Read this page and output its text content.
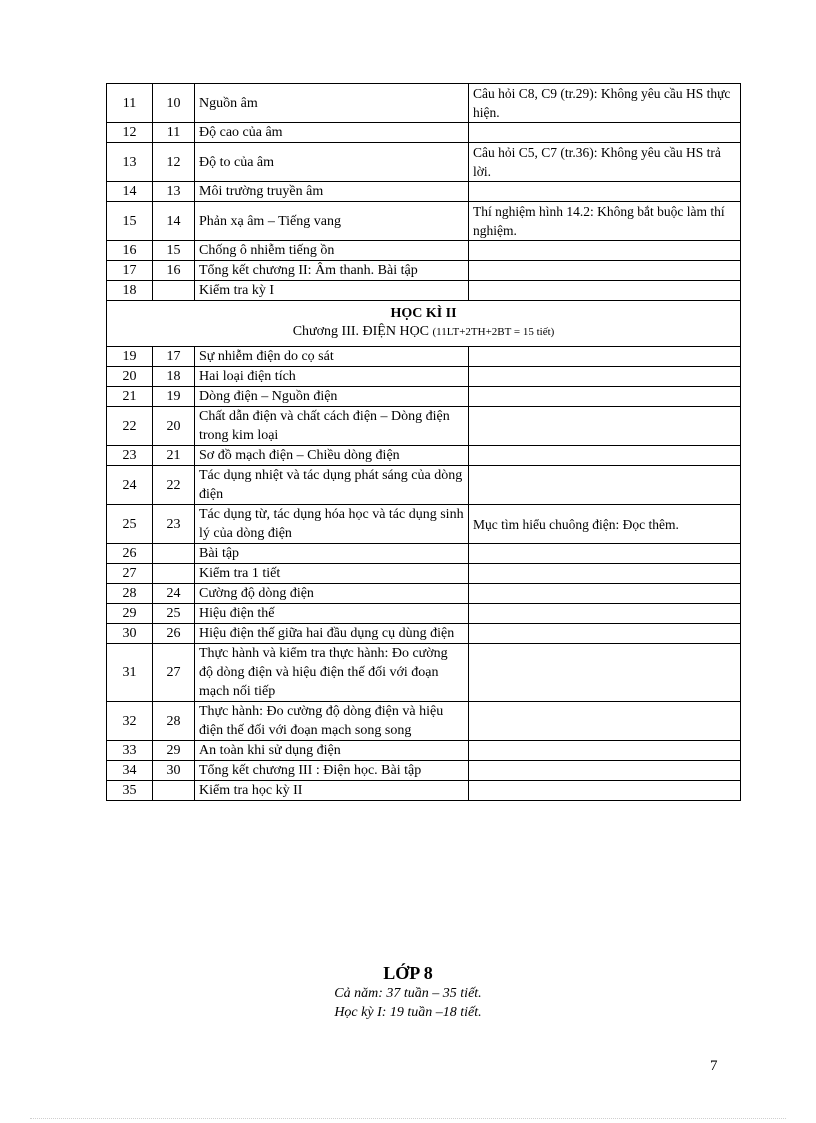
11	10	Nguồn âm	Câu hỏi C8, C9 (tr.29): Không yêu cầu HS thực hiện.
12	11	Độ cao của âm	
13	12	Độ to của âm	Câu hỏi C5, C7 (tr.36): Không yêu cầu HS trả lời.
14	13	Môi trường truyền âm	
15	14	Phản xạ âm – Tiếng vang	Thí nghiệm hình 14.2: Không bắt buộc làm thí nghiệm.
16	15	Chống ô nhiễm tiếng ồn	
17	16	Tổng kết chương II: Âm thanh. Bài tập	
18		Kiểm tra kỳ I	

HỌC KÌ II
Chương III. ĐIỆN HỌC (11LT+2TH+2BT = 15 tiết)			

19	17	Sự nhiễm điện do cọ sát	
20	18	Hai loại điện tích	
21	19	Dòng điện – Nguồn điện	
22	20	Chất dẫn điện và chất cách điện – Dòng điện trong kim loại	
23	21	Sơ đồ mạch điện – Chiều dòng điện	
24	22	Tác dụng nhiệt và tác dụng phát sáng của dòng điện	
25	23	Tác dụng từ, tác dụng hóa học và tác dụng sinh lý của dòng điện	Mục tìm hiểu chuông điện: Đọc thêm.
26		Bài tập	
27		Kiểm tra 1 tiết	
28	24	Cường độ dòng điện	
29	25	Hiệu điện thế	
30	26	Hiệu điện thế giữa hai đầu dụng cụ dùng điện	
31	27	Thực hành và kiểm tra thực hành: Đo cường độ dòng điện và hiệu điện thế đối với đoạn mạch nối tiếp	
32	28	Thực hành: Đo cường độ dòng điện và hiệu điện thế đối với đoạn mạch song song	
33	29	An toàn khi sử dụng điện	
34	30	Tổng kết chương III : Điện học. Bài tập	
35		Kiểm tra học kỳ II	
LỚP 8
Cả năm: 37 tuần – 35 tiết.
Học kỳ I: 19 tuần –18 tiết.
7
